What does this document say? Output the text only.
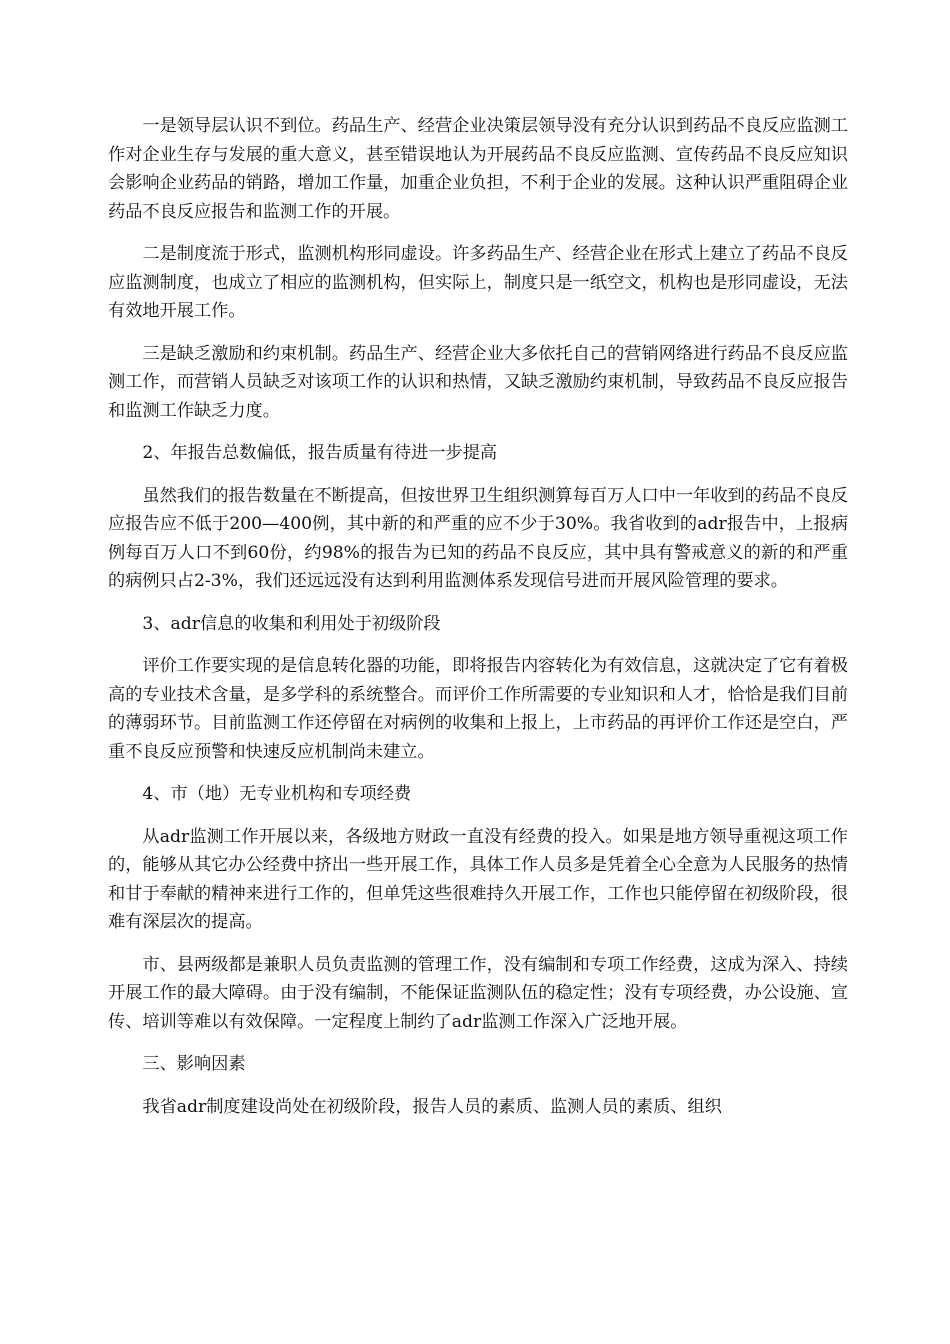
一是领导层认识不到位。药品生产、经营企业决策层领导没有充分认识到药品不良反应监测工作对企业生存与发展的重大意义，甚至错误地认为开展药品不良反应监测、宣传药品不良反应知识会影响企业药品的销路，增加工作量，加重企业负担，不利于企业的发展。这种认识严重阻碍企业药品不良反应报告和监测工作的开展。

二是制度流于形式，监测机构形同虚设。许多药品生产、经营企业在形式上建立了药品不良反应监测制度，也成立了相应的监测机构，但实际上，制度只是一纸空文，机构也是形同虚设，无法有效地开展工作。

三是缺乏激励和约束机制。药品生产、经营企业大多依托自己的营销网络进行药品不良反应监测工作，而营销人员缺乏对该项工作的认识和热情，又缺乏激励约束机制，导致药品不良反应报告和监测工作缺乏力度。

2、年报告总数偏低，报告质量有待进一步提高

虽然我们的报告数量在不断提高，但按世界卫生组织测算每百万人口中一年收到的药品不良反应报告应不低于200—400例，其中新的和严重的应不少于30%。我省收到的adr报告中，上报病例每百万人口不到60份，约98%的报告为已知的药品不良反应，其中具有警戒意义的新的和严重的病例只占2-3%，我们还远远没有达到利用监测体系发现信号进而开展风险管理的要求。

3、adr信息的收集和利用处于初级阶段

评价工作要实现的是信息转化器的功能，即将报告内容转化为有效信息，这就决定了它有着极高的专业技术含量，是多学科的系统整合。而评价工作所需要的专业知识和人才，恰恰是我们目前的薄弱环节。目前监测工作还停留在对病例的收集和上报上，上市药品的再评价工作还是空白，严重不良反应预警和快速反应机制尚未建立。

4、市（地）无专业机构和专项经费

从adr监测工作开展以来，各级地方财政一直没有经费的投入。如果是地方领导重视这项工作的，能够从其它办公经费中挤出一些开展工作，具体工作人员多是凭着全心全意为人民服务的热情和甘于奉献的精神来进行工作的，但单凭这些很难持久开展工作，工作也只能停留在初级阶段，很难有深层次的提高。

市、县两级都是兼职人员负责监测的管理工作，没有编制和专项工作经费，这成为深入、持续开展工作的最大障碍。由于没有编制，不能保证监测队伍的稳定性；没有专项经费，办公设施、宣传、培训等难以有效保障。一定程度上制约了adr监测工作深入广泛地开展。

三、影响因素

我省adr制度建设尚处在初级阶段，报告人员的素质、监测人员的素质、组织
